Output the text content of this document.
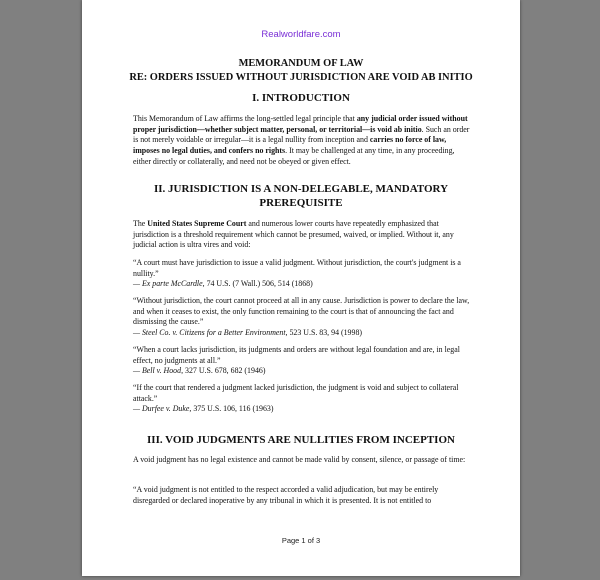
Realworldfare.com
MEMORANDUM OF LAW
RE: ORDERS ISSUED WITHOUT JURISDICTION ARE VOID AB INITIO
I. INTRODUCTION
This Memorandum of Law affirms the long-settled legal principle that any judicial order issued without proper jurisdiction—whether subject matter, personal, or territorial—is void ab initio. Such an order is not merely voidable or irregular—it is a legal nullity from inception and carries no force of law, imposes no legal duties, and confers no rights. It may be challenged at any time, in any proceeding, either directly or collaterally, and need not be obeyed or given effect.
II. JURISDICTION IS A NON-DELEGABLE, MANDATORY
PREREQUISITE
The United States Supreme Court and numerous lower courts have repeatedly emphasized that jurisdiction is a threshold requirement which cannot be presumed, waived, or implied. Without it, any judicial action is ultra vires and void:
“A court must have jurisdiction to issue a valid judgment. Without jurisdiction, the court's judgment is a nullity.”
— Ex parte McCardle, 74 U.S. (7 Wall.) 506, 514 (1868)
“Without jurisdiction, the court cannot proceed at all in any cause. Jurisdiction is power to declare the law, and when it ceases to exist, the only function remaining to the court is that of announcing the fact and dismissing the cause.”
— Steel Co. v. Citizens for a Better Environment, 523 U.S. 83, 94 (1998)
“When a court lacks jurisdiction, its judgments and orders are without legal foundation and are, in legal effect, no judgments at all.”
— Bell v. Hood, 327 U.S. 678, 682 (1946)
“If the court that rendered a judgment lacked jurisdiction, the judgment is void and subject to collateral attack.”
— Durfee v. Duke, 375 U.S. 106, 116 (1963)
III. VOID JUDGMENTS ARE NULLITIES FROM INCEPTION
A void judgment has no legal existence and cannot be made valid by consent, silence, or passage of time:
“A void judgment is not entitled to the respect accorded a valid adjudication, but may be entirely disregarded or declared inoperative by any tribunal in which it is presented. It is not entitled to
Page 1 of 3
